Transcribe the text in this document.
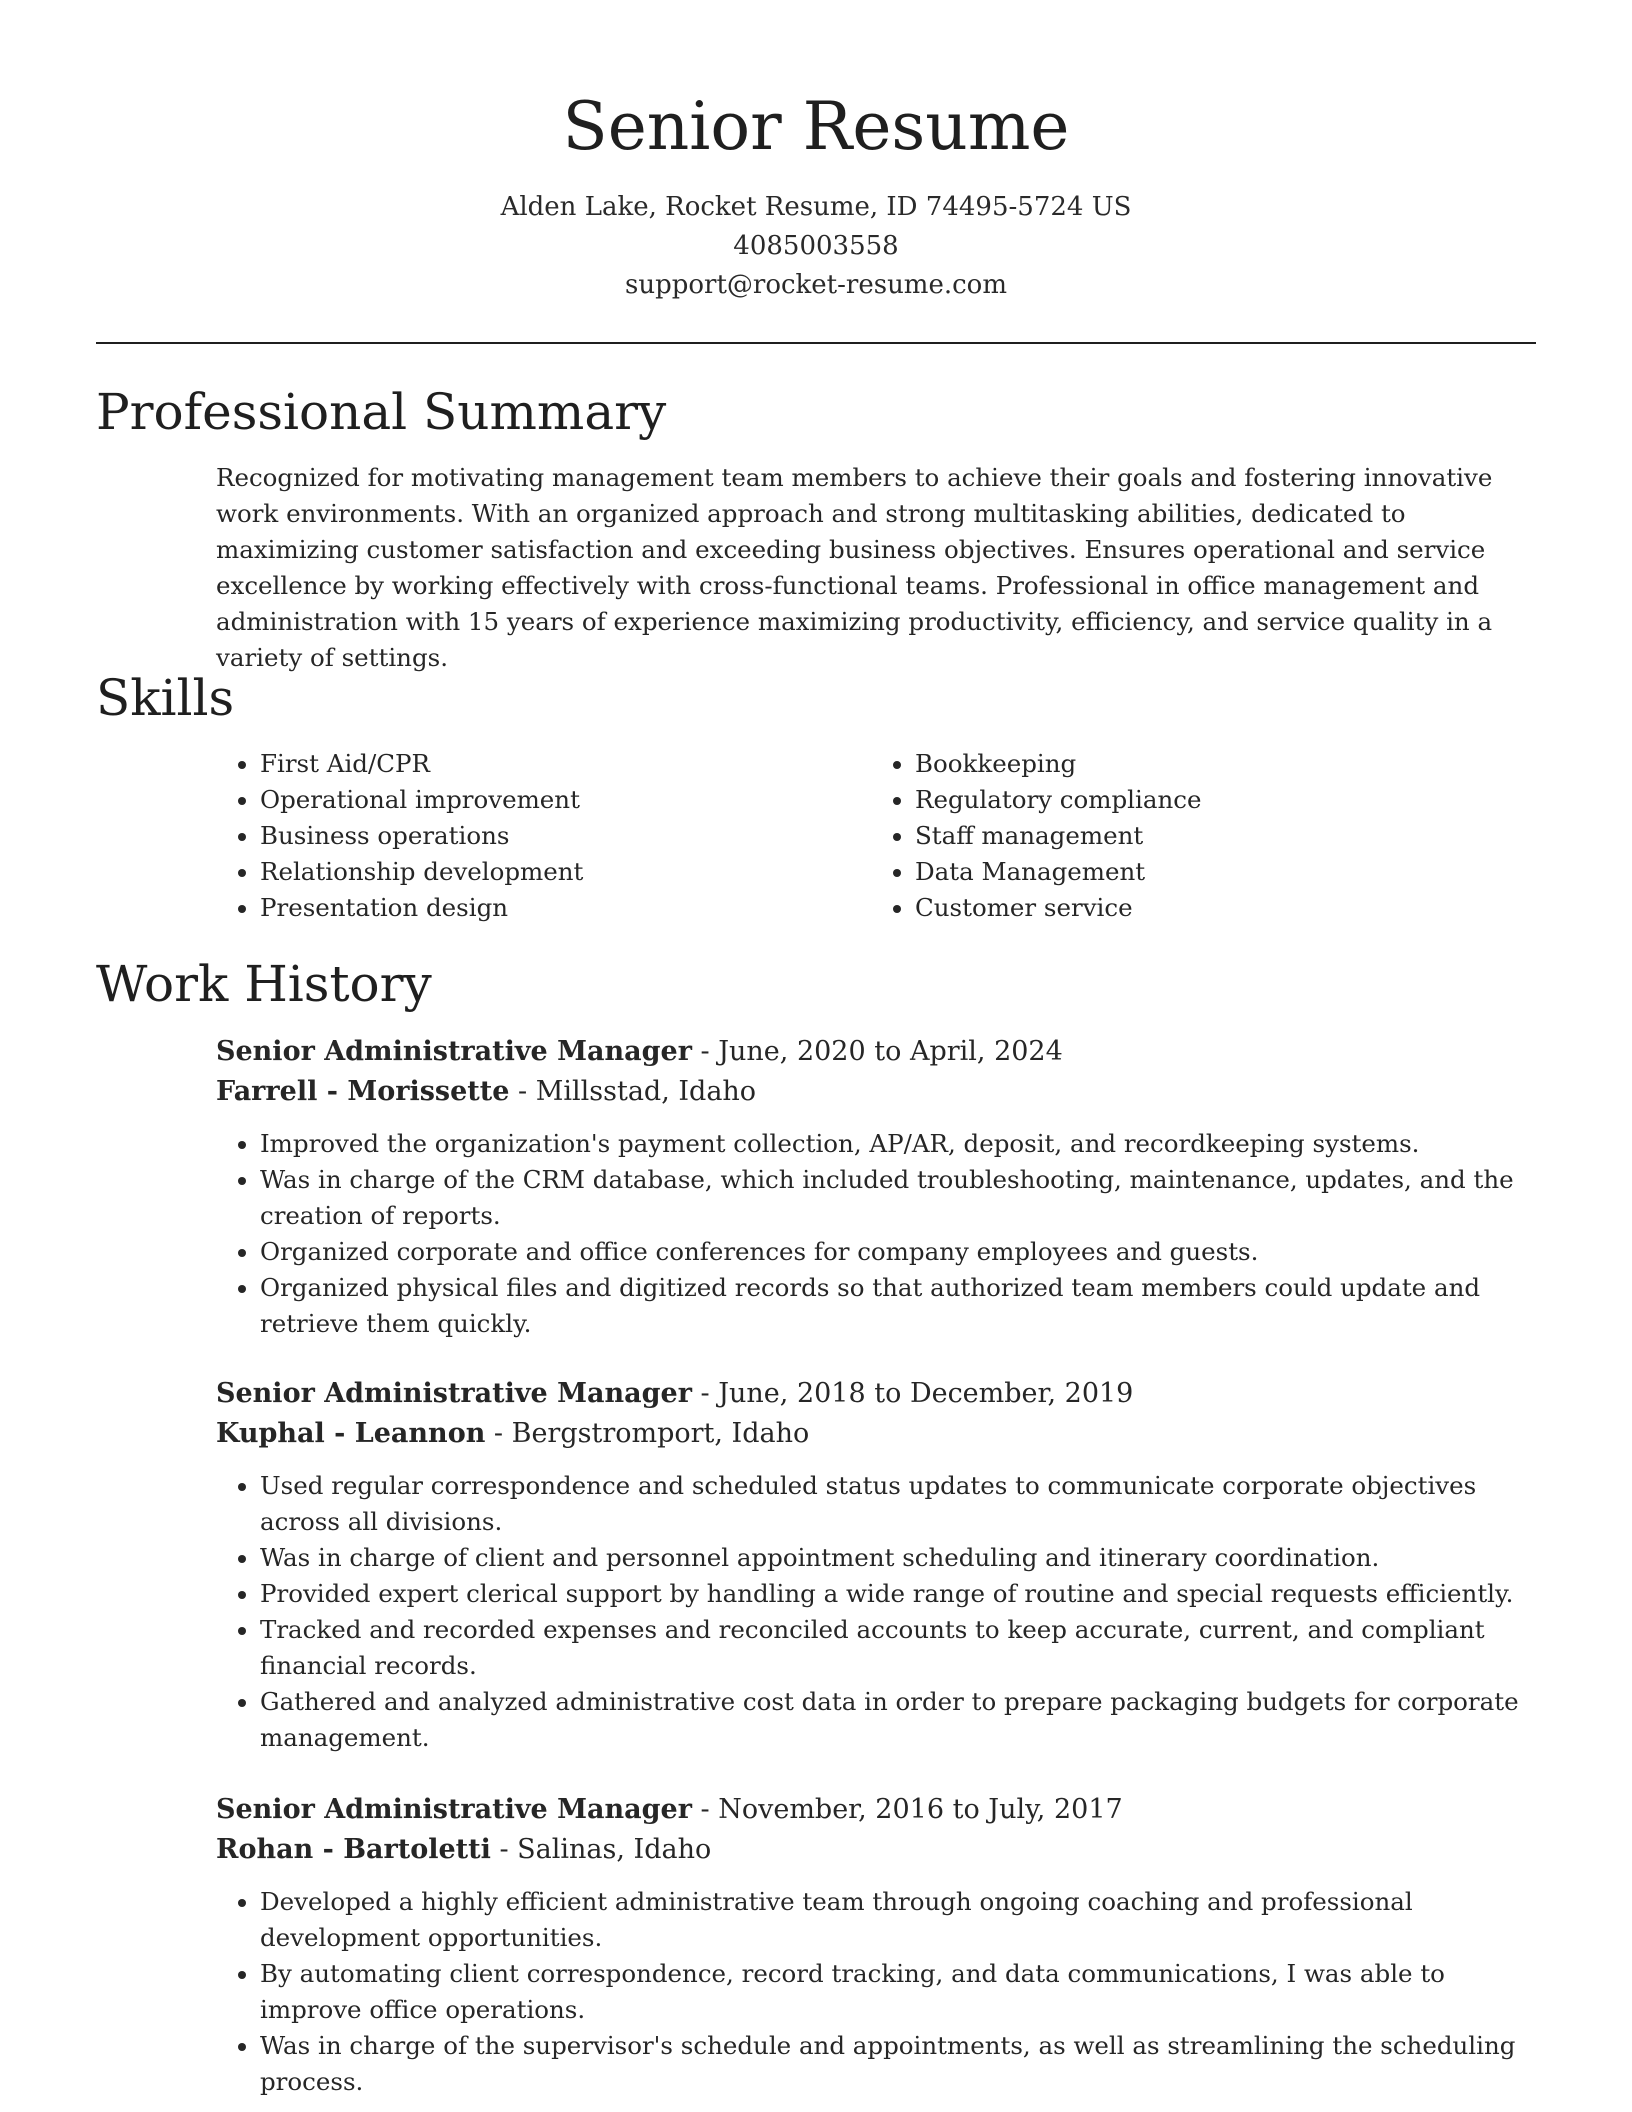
Senior Resume
Alden Lake, Rocket Resume, ID 74495-5724 US
4085003558
support@rocket-resume.com
Professional Summary

Recognized for motivating management team members to achieve their goals and fostering innovative work environments. With an organized approach and strong multitasking abilities, dedicated to maximizing customer satisfaction and exceeding business objectives. Ensures operational and service excellence by working effectively with cross-functional teams. Professional in office management and administration with 15 years of experience maximizing productivity, efficiency, and service quality in a variety of settings.

Skills
• First Aid/CPR
• Operational improvement
• Business operations
• Relationship development
• Presentation design
• Bookkeeping
• Regulatory compliance
• Staff management
• Data Management
• Customer service
Work History

Senior Administrative Manager - June, 2020 to April, 2024

Farrell - Morissette - Millsstad, Idaho

• Improved the organization's payment collection, AP/AR, deposit, and recordkeeping systems.
• Was in charge of the CRM database, which included troubleshooting, maintenance, updates, and the creation of reports.
• Organized corporate and office conferences for company employees and guests.
• Organized physical files and digitized records so that authorized team members could update and retrieve them quickly.

Senior Administrative Manager - June, 2018 to December, 2019

Kuphal - Leannon - Bergstromport, Idaho

• Used regular correspondence and scheduled status updates to communicate corporate objectives across all divisions.
• Was in charge of client and personnel appointment scheduling and itinerary coordination.
• Provided expert clerical support by handling a wide range of routine and special requests efficiently.
• Tracked and recorded expenses and reconciled accounts to keep accurate, current, and compliant financial records.
• Gathered and analyzed administrative cost data in order to prepare packaging budgets for corporate management.

Senior Administrative Manager - November, 2016 to July, 2017

Rohan - Bartoletti - Salinas, Idaho

• Developed a highly efficient administrative team through ongoing coaching and professional development opportunities.
• By automating client correspondence, record tracking, and data communications, I was able to improve office operations.
• Was in charge of the supervisor's schedule and appointments, as well as streamlining the scheduling process.
